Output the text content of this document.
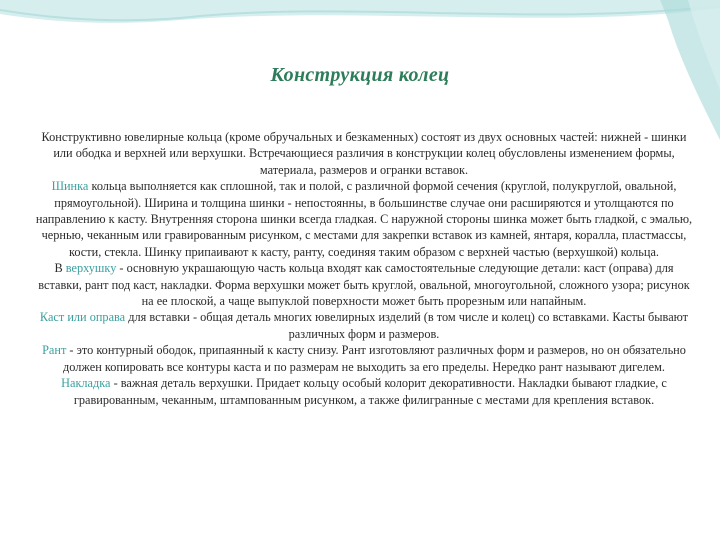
Конструкция колец

Конструктивно ювелирные кольца (кроме обручальных и безкаменных) состоят из двух основных частей: нижней - шинки или ободка и верхней или верхушки. Встречающиеся различия в конструкции колец обусловлены изменением формы, материала, размеров и огранки вставок.

Шинка кольца выполняется как сплошной, так и полой, с различной формой сечения (круглой, полукруглой, овальной, прямоугольной). Ширина и толщина шинки - непостоянны, в большинстве случае они расширяются и утолщаются по направлению к касту. Внутренняя сторона шинки всегда гладкая. С наружной стороны шинка может быть гладкой, с эмалью, чернью, чеканным или гравированным рисунком, с местами для закрепки вставок из камней, янтаря, коралла, пластмассы, кости, стекла. Шинку припаивают к касту, ранту, соединяя таким образом с верхней частью (верхушкой) кольца.

В верхушку - основную украшающую часть кольца входят как самостоятельные следующие детали: каст (оправа) для вставки, рант под каст, накладки. Форма верхушки может быть круглой, овальной, многоугольной, сложного узора; рисунок на ее плоской, а чаще выпуклой поверхности может быть прорезным или напайным.

Каст или оправа для вставки - общая деталь многих ювелирных изделий (в том числе и колец) со вставками. Касты бывают различных форм и размеров.

Рант - это контурный ободок, припаянный к касту снизу. Рант изготовляют различных форм и размеров, но он обязательно должен копировать все контуры каста и по размерам не выходить за его пределы. Нередко рант называют дигелем.

Накладка - важная деталь верхушки. Придает кольцу особый колорит декоративности. Накладки бывают гладкие, с гравированным, чеканным, штампованным рисунком, а также филигранные с местами для крепления вставок.
